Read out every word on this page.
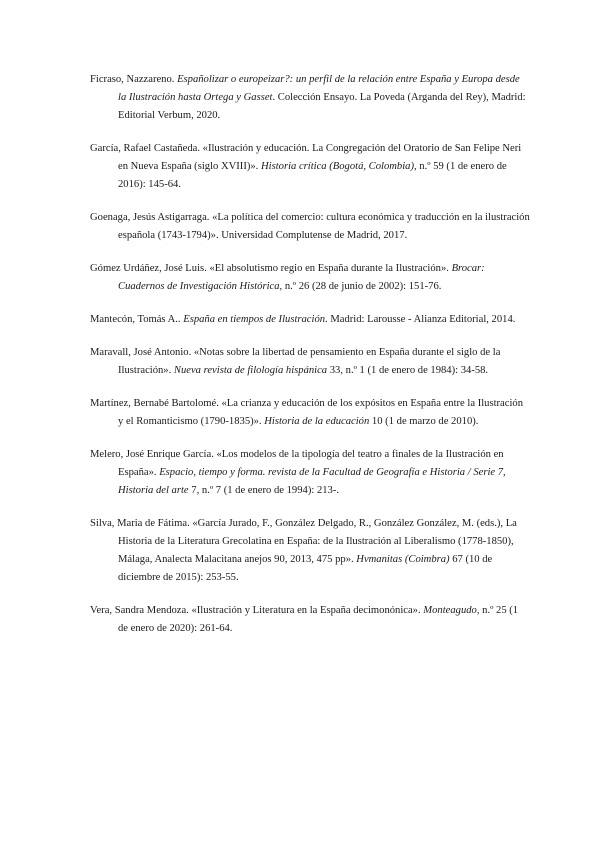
Ficraso, Nazzareno. Españolizar o europeizar?: un perfil de la relación entre España y Europa desde la Ilustración hasta Ortega y Gasset. Colección Ensayo. La Poveda (Arganda del Rey), Madrid: Editorial Verbum, 2020.

García, Rafael Castañeda. «Ilustración y educación. La Congregación del Oratorio de San Felipe Neri en Nueva España (siglo XVIII)». Historia crítica (Bogotá, Colombia), n.º 59 (1 de enero de 2016): 145-64.

Goenaga, Jesús Astigarraga. «La política del comercio: cultura económica y traducción en la ilustración española (1743-1794)». Universidad Complutense de Madrid, 2017.

Gómez Urdáñez, José Luis. «El absolutismo regio en España durante la Ilustración». Brocar: Cuadernos de Investigación Histórica, n.º 26 (28 de junio de 2002): 151-76.

Mantecón, Tomás A.. España en tiempos de Ilustración. Madrid: Larousse - Alianza Editorial, 2014.

Maravall, José Antonio. «Notas sobre la libertad de pensamiento en España durante el siglo de la Ilustración». Nueva revista de filología hispánica 33, n.º 1 (1 de enero de 1984): 34-58.

Martínez, Bernabé Bartolomé. «La crianza y educación de los expósitos en España entre la Ilustración y el Romanticismo (1790-1835)». Historia de la educación 10 (1 de marzo de 2010).

Melero, José Enrique García. «Los modelos de la tipología del teatro a finales de la Ilustración en España». Espacio, tiempo y forma. revista de la Facultad de Geografía e Historia / Serie 7, Historia del arte 7, n.º 7 (1 de enero de 1994): 213-.

Silva, Maria de Fátima. «García Jurado, F., González Delgado, R., González González, M. (eds.), La Historia de la Literatura Grecolatina en España: de la Ilustración al Liberalismo (1778-1850), Málaga, Analecta Malacitana anejos 90, 2013, 475 pp». Hvmanitas (Coimbra) 67 (10 de diciembre de 2015): 253-55.

Vera, Sandra Mendoza. «Ilustración y Literatura en la España decimonónica». Monteagudo, n.º 25 (1 de enero de 2020): 261-64.
